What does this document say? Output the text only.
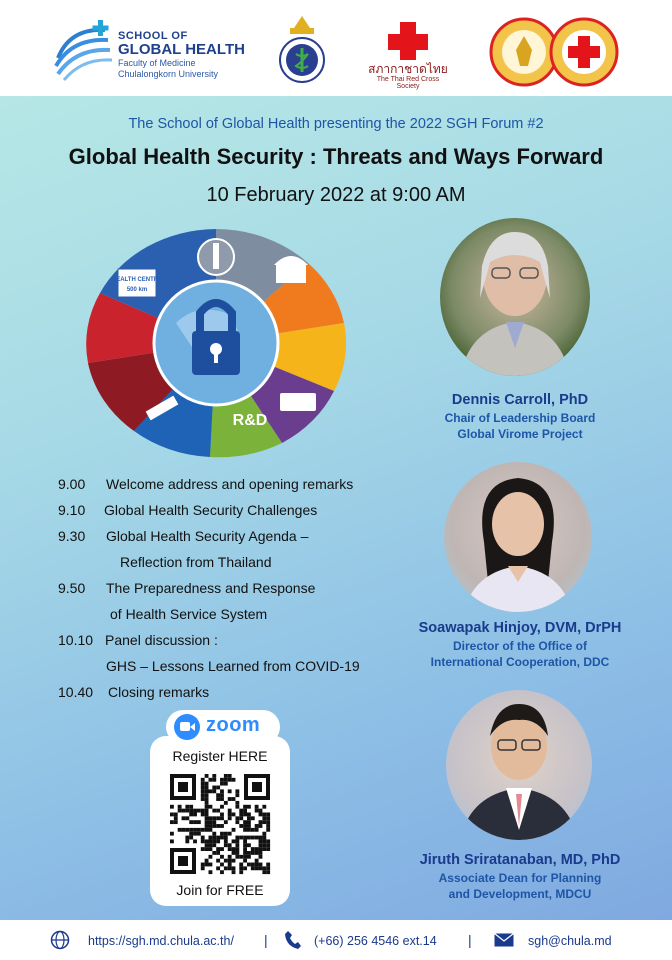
SCHOOL OF
GLOBAL HEALTH
Faculty of Medicine
Chulalongkorn University	สภากาชาดไทย
The Thai Red Cross Society
The School of Global Health presenting the 2022 SGH Forum #2
Global Health Security : Threats and Ways Forward
10 February 2022 at 9:00 AM
HEALTH CENTRE
500 km
R&D
9.00 Welcome address and opening remarks
9.10 Global Health Security Challenges
9.30 Global Health Security Agenda –
Reflection from Thailand
9.50 The Preparedness and Response
of Health Service System
10.10 Panel discussion :
GHS – Lessons Learned from COVID-19
10.40 Closing remarks
Register HERE
Join for FREE
zoom
Dennis Carroll, PhD
Chair of Leadership Board
Global Virome Project
Soawapak Hinjoy, DVM, DrPH
Director of the Office of
International Cooperation, DDC
Jiruth Sriratanaban, MD, PhD
Associate Dean for Planning
and Development, MDCU
https://sgh.md.chula.ac.th/ |	(+66) 256 4546 ext.14 |	sgh@chula.md
